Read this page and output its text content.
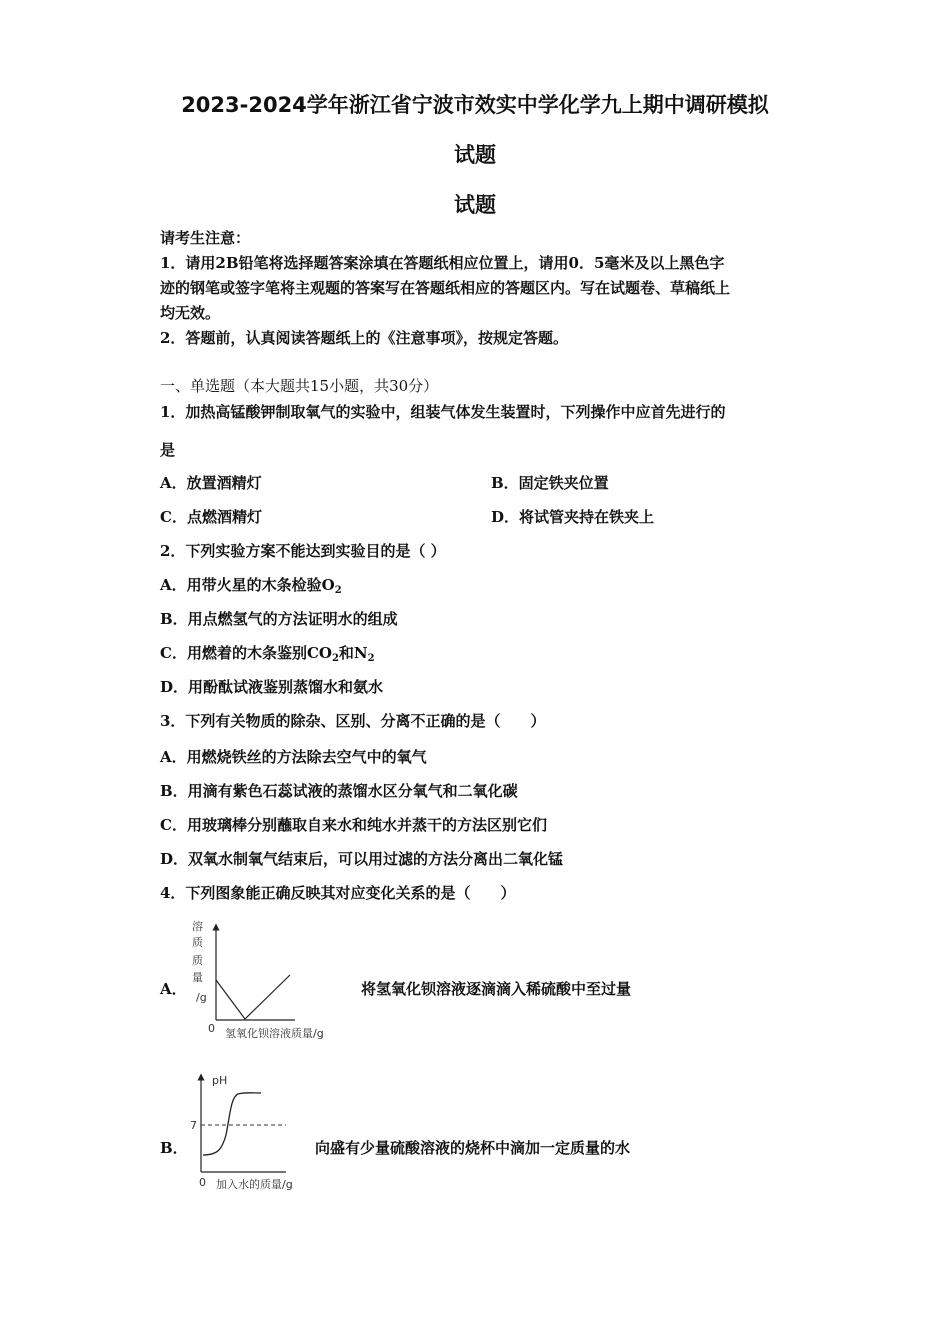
2023-2024学年浙江省宁波市效实中学化学九上期中调研模拟
试题
试题
请考生注意：
1．请用2B铅笔将选择题答案涂填在答题纸相应位置上，请用0．5毫米及以上黑色字
迹的钢笔或签字笔将主观题的答案写在答题纸相应的答题区内。写在试题卷、草稿纸上
均无效。
2．答题前，认真阅读答题纸上的《注意事项》，按规定答题。
一、单选题（本大题共15小题，共30分）
1．加热高锰酸钾制取氧气的实验中，组装气体发生装置时，下列操作中应首先进行的
是
A．放置酒精灯	B．固定铁夹位置
C．点燃酒精灯	D．将试管夹持在铁夹上
2．下列实验方案不能达到实验目的是（ ）
A．用带火星的木条检验$O_2$
B．用点燃氢气的方法证明水的组成
C．用燃着的木条鉴别$CO_2$和$N_2$
D．用酚酞试液鉴别蒸馏水和氨水
3．下列有关物质的除杂、区别、分离不正确的是（　　）
A．用燃烧铁丝的方法除去空气中的氧气
B．用滴有紫色石蕊试液的蒸馏水区分氧气和二氧化碳
C．用玻璃棒分别蘸取自来水和纯水并蒸干的方法区别它们
D．双氧水制氧气结束后，可以用过滤的方法分离出二氧化锰
4．下列图象能正确反映其对应变化关系的是（　　）
A．
溶
质
质
量
/g
0 氢氧化钡溶液质量/g
将氢氧化钡溶液逐滴滴入稀硫酸中至过量
B．
pH
7
0 加入水的质量/g
向盛有少量硫酸溶液的烧杯中滴加一定质量的水
